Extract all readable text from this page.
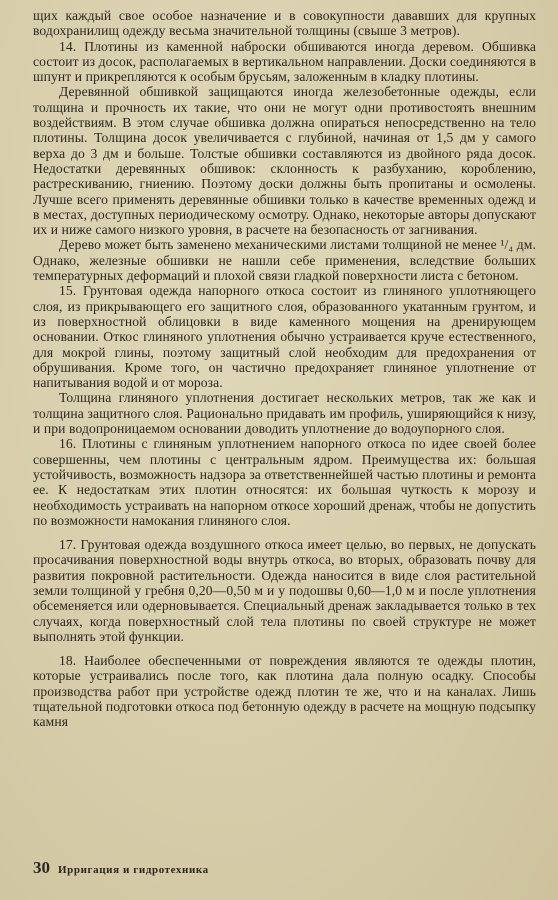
щих каждый свое особое назначение и в совокупности дававших для крупных водохранилищ одежду весьма значительной толщины (свыше 3 метров).

14. Плотины из каменной наброски обшиваются иногда деревом. Обшивка состоит из досок, располагаемых в вертикальном направлении. Доски соединяются в шпунт и прикрепляются к особым брусьям, заложенным в кладку плотины.

Деревянной обшивкой защищаются иногда железобетонные одежды, если толщина и прочность их такие, что они не могут одни противостоять внешним воздействиям. В этом случае обшивка должна опираться непосредственно на тело плотины. Толщина досок увеличивается с глубиной, начиная от 1,5 дм у самого верха до 3 дм и больше. Толстые обшивки составляются из двойного ряда досок. Недостатки деревянных обшивок: склонность к разбуханию, короблению, растрескиванию, гниению. Поэтому доски должны быть пропитаны и осмолены. Лучше всего применять деревянные обшивки только в качестве временных одежд и в местах, доступных периодическому осмотру. Однако, некоторые авторы допускают их и ниже самого низкого уровня, в расчете на безопасность от загнивания.

Дерево может быть заменено механическими листами толщиной не менее ¹/₄ дм. Однако, железные обшивки не нашли себе применения, вследствие больших температурных деформаций и плохой связи гладкой поверхности листа с бетоном.

15. Грунтовая одежда напорного откоса состоит из глиняного уплотняющего слоя, из прикрывающего его защитного слоя, образованного укатанным грунтом, и из поверхностной облицовки в виде каменного мощения на дренирующем основании. Откос глиняного уплотнения обычно устраивается круче естественного, для мокрой глины, поэтому защитный слой необходим для предохранения от обрушивания. Кроме того, он частично предохраняет глиняное уплотнение от напитывания водой и от мороза.

Толщина глиняного уплотнения достигает нескольких метров, так же как и толщина защитного слоя. Рационально придавать им профиль, уширяющийся к низу, и при водопроницаемом основании доводить уплотнение до водоупорного слоя.

16. Плотины с глиняным уплотнением напорного откоса по идее своей более совершенны, чем плотины с центральным ядром. Преимущества их: большая устойчивость, возможность надзора за ответственнейшей частью плотины и ремонта ее. К недостаткам этих плотин относятся: их большая чуткость к морозу и необходимость устраивать на напорном откосе хороший дренаж, чтобы не допустить по возможности намокания глиняного слоя.

17. Грунтовая одежда воздушного откоса имеет целью, во первых, не допускать просачивания поверхностной воды внутрь откоса, во вторых, образовать почву для развития покровной растительности. Одежда наносится в виде слоя растительной земли толщиной у гребня 0,20—0,50 м и у подошвы 0,60—1,0 м и после уплотнения обсеменяется или одерновывается. Специальный дренаж закладывается только в тех случаях, когда поверхностный слой тела плотины по своей структуре не может выполнять этой функции.

18. Наиболее обеспеченными от повреждения являются те одежды плотин, которые устраивались после того, как плотина дала полную осадку. Способы производства работ при устройстве одежд плотин те же, что и на каналах. Лишь тщательной подготовки откоса под бетонную одежду в расчете на мощную подсыпку камня

30 Ирригация и гидротехника
